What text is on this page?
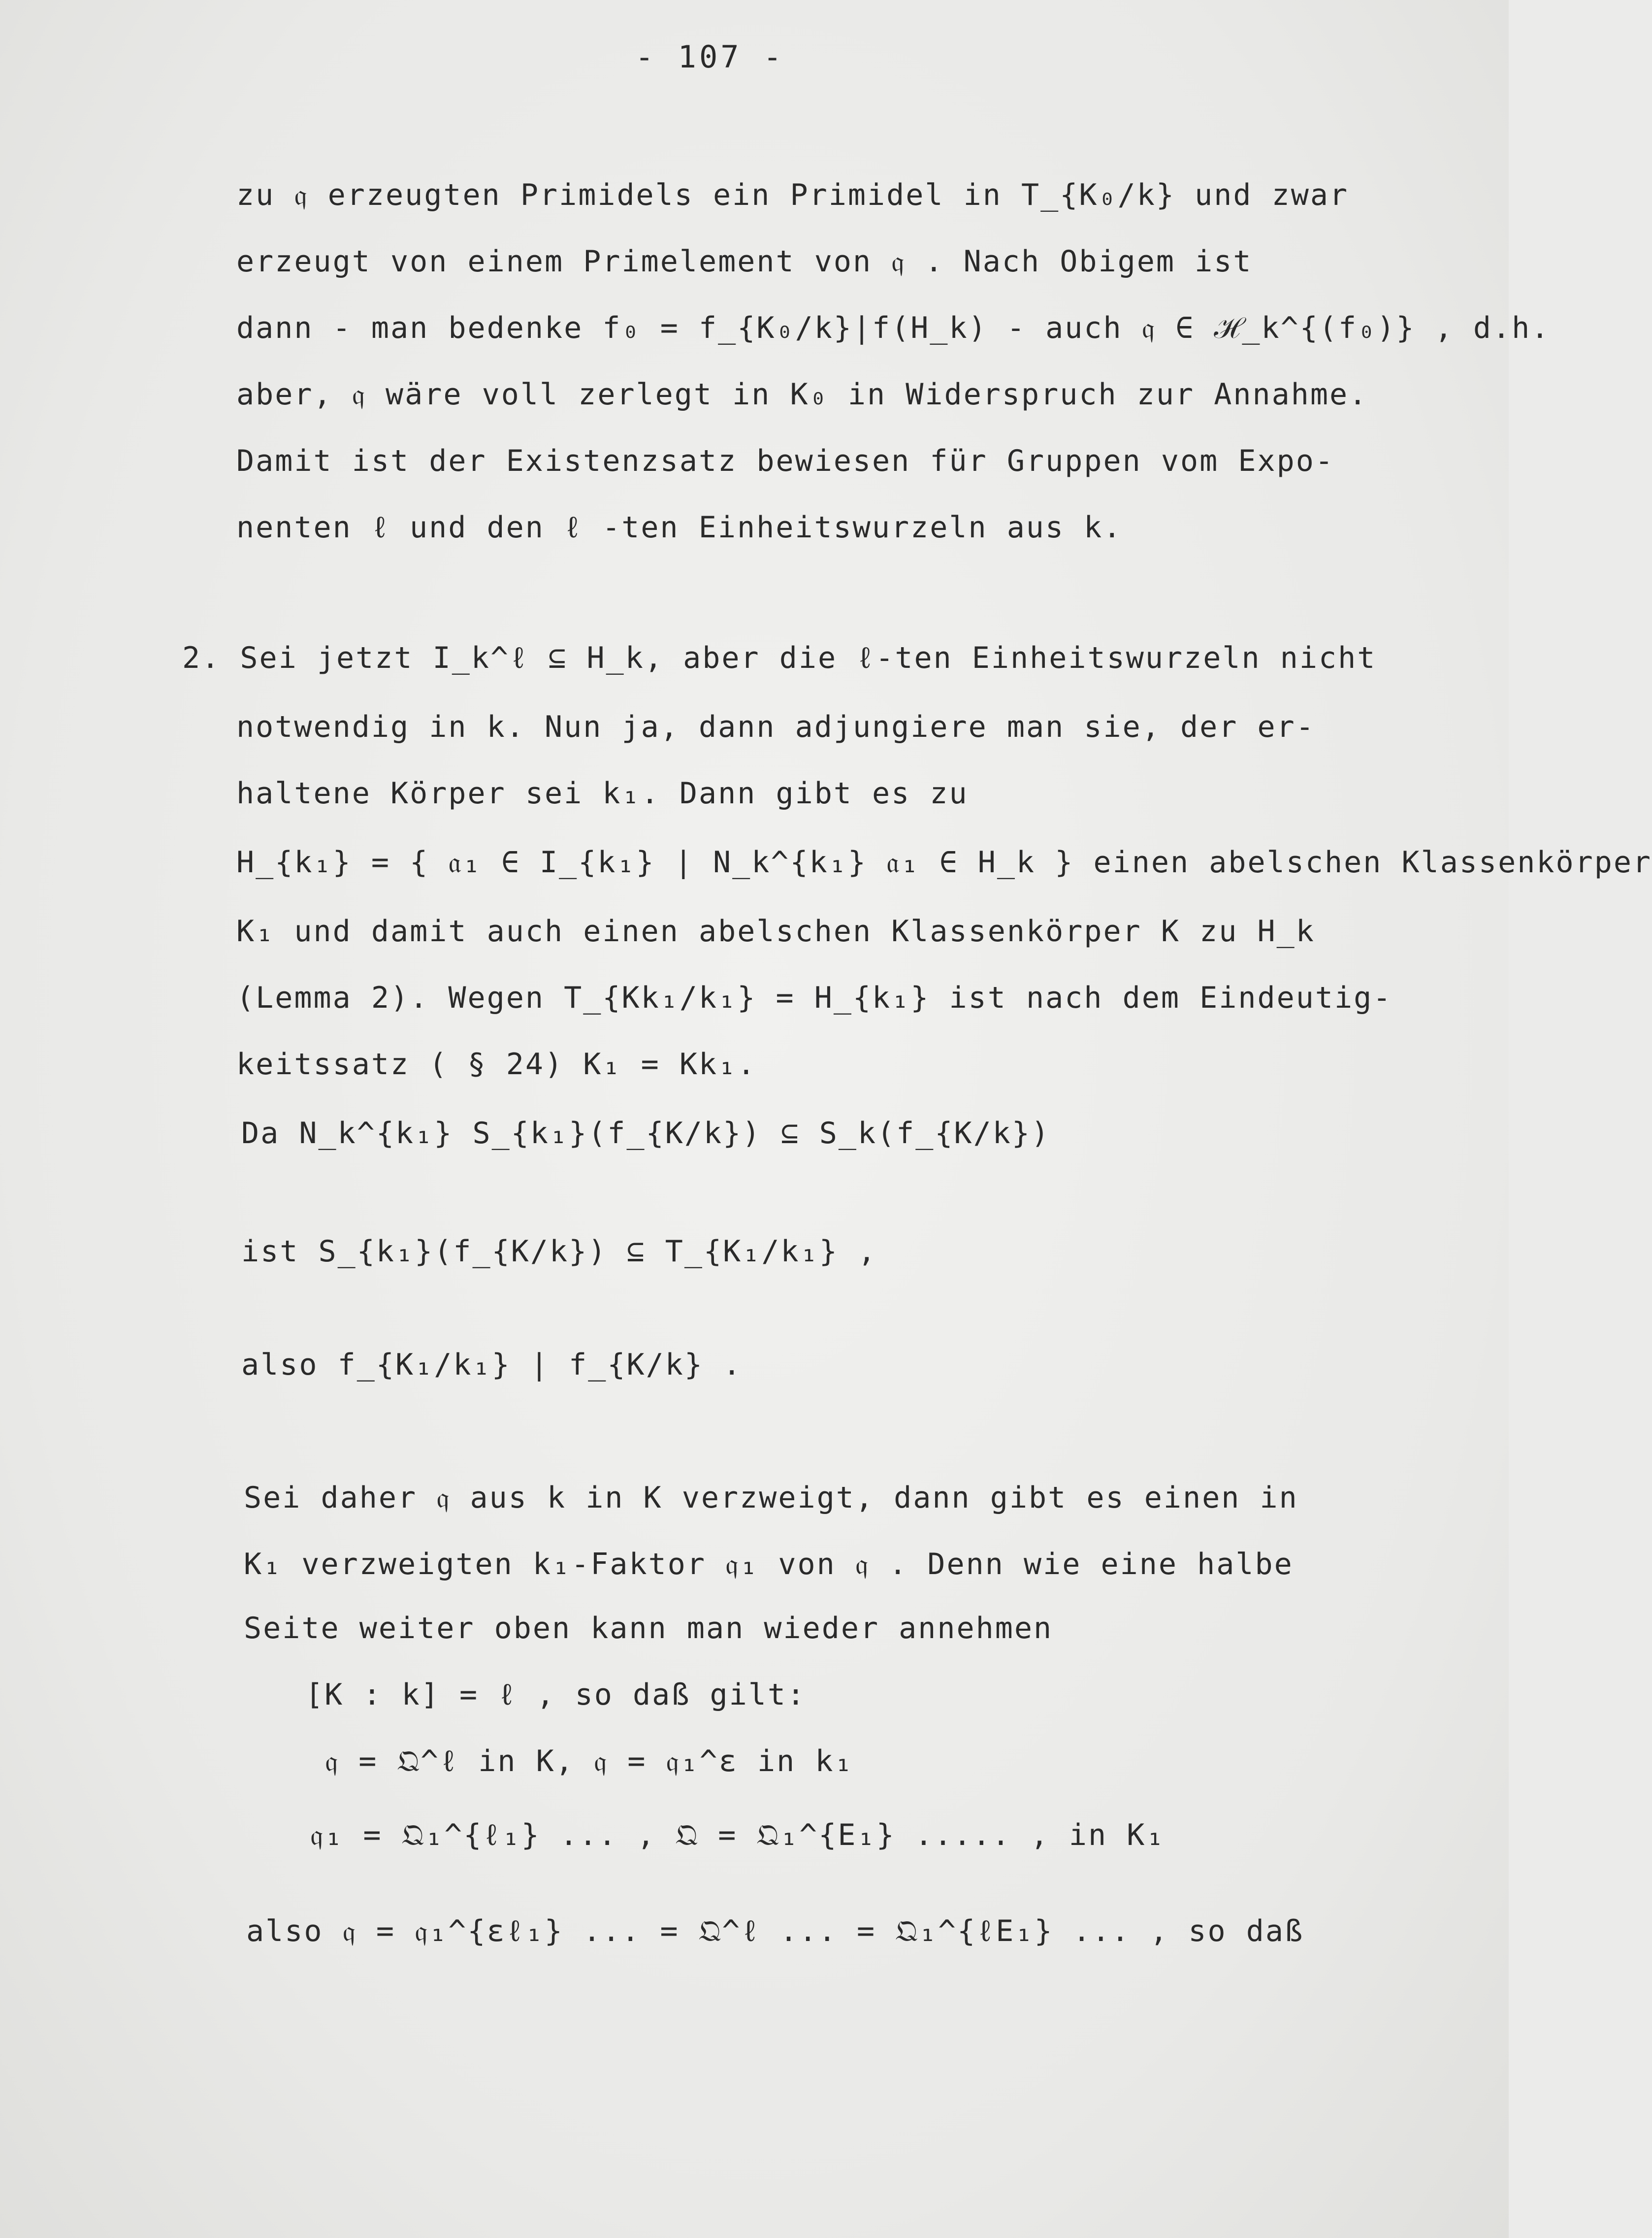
- 107 -
zu 𝔮 erzeugten Primidels ein Primidel in T_{K₀/k} und zwar
erzeugt von einem Primelement von 𝔮 . Nach Obigem ist
dann - man bedenke f₀ = f_{K₀/k}|f(H_k) - auch 𝔮 ∈ ℋ_k^{(f₀)} , d.h.
aber, 𝔮 wäre voll zerlegt in K₀ in Widerspruch zur Annahme.
Damit ist der Existenzsatz bewiesen für Gruppen vom Expo-
nenten ℓ und den ℓ -ten Einheitswurzeln aus k.
2. Sei jetzt I_k^ℓ ⊆ H_k, aber die ℓ-ten Einheitswurzeln nicht
notwendig in k. Nun ja, dann adjungiere man sie, der er-
haltene Körper sei k₁. Dann gibt es zu
H_{k₁} = { 𝔞₁ ∈ I_{k₁} | N_k^{k₁} 𝔞₁ ∈ H_k } einen abelschen Klassenkörper
K₁ und damit auch einen abelschen Klassenkörper K zu H_k
(Lemma 2). Wegen T_{Kk₁/k₁} = H_{k₁} ist nach dem Eindeutig-
keitssatz ( § 24) K₁ = Kk₁.
Da N_k^{k₁} S_{k₁}(f_{K/k}) ⊆ S_k(f_{K/k})
ist S_{k₁}(f_{K/k}) ⊆ T_{K₁/k₁} ,
also f_{K₁/k₁} | f_{K/k} .
Sei daher 𝔮 aus k in K verzweigt, dann gibt es einen in
K₁ verzweigten k₁-Faktor 𝔮₁ von 𝔮 . Denn wie eine halbe
Seite weiter oben kann man wieder annehmen
[K : k] = ℓ , so daß gilt:
𝔮 = 𝔔^ℓ in K, 𝔮 = 𝔮₁^ε in k₁
𝔮₁ = 𝔔₁^{ℓ₁} ... , 𝔔 = 𝔔₁^{E₁} ..... , in K₁
also 𝔮 = 𝔮₁^{εℓ₁} ... = 𝔔^ℓ ... = 𝔔₁^{ℓE₁} ... , so daß
